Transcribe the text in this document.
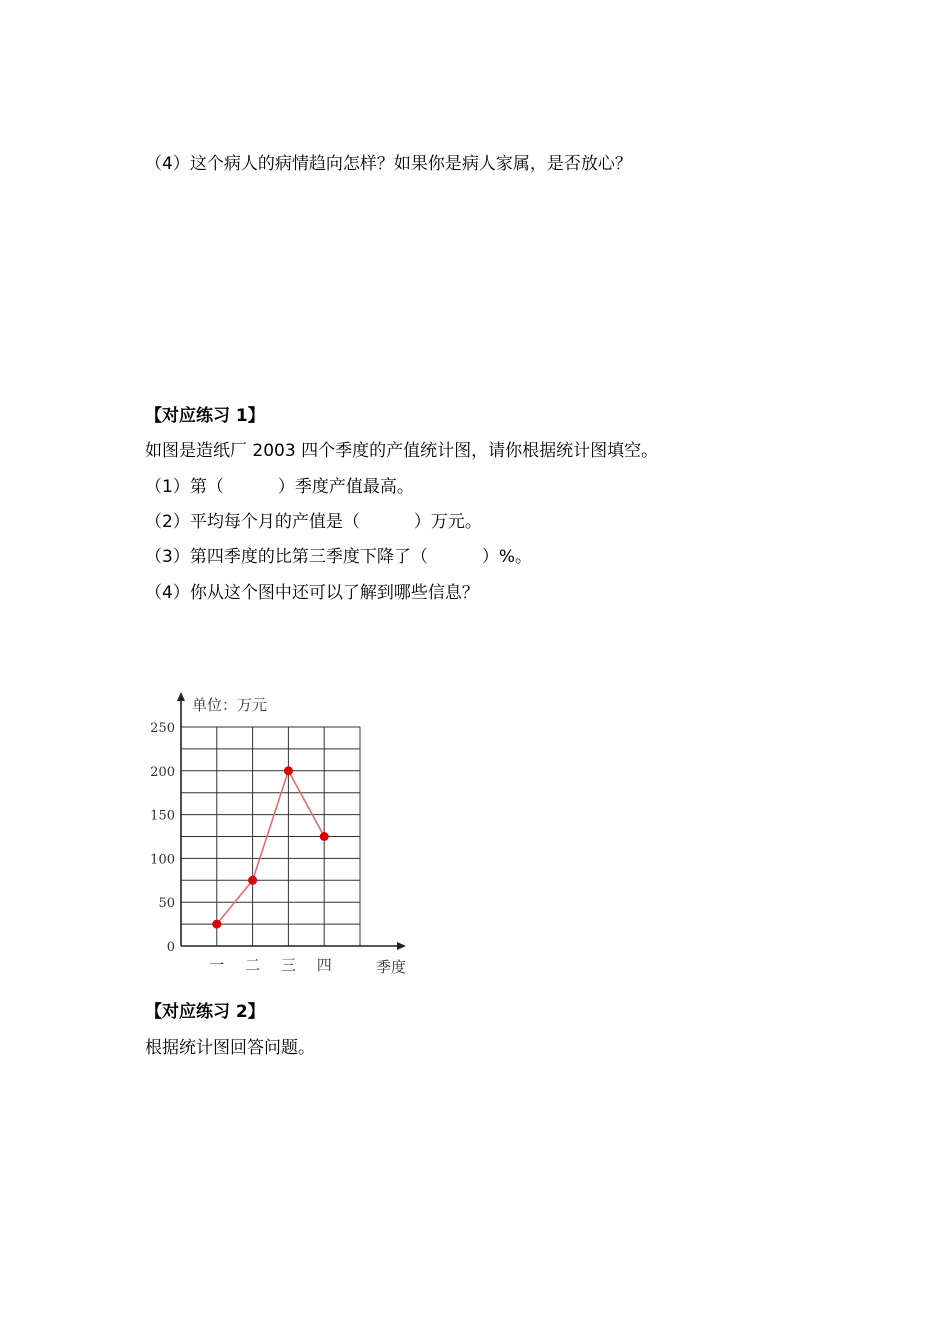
（4）这个病人的病情趋向怎样？如果你是病人家属，是否放心？
【对应练习 1】
如图是造纸厂 2003 四个季度的产值统计图，请你根据统计图填空。
（1）第（          ）季度产值最高。
（2）平均每个月的产值是（          ）万元。
（3）第四季度的比第三季度下降了（          ）%。
（4）你从这个图中还可以了解到哪些信息？
单位：万元
季度
0
50
100
150
200
250
一 二 三 四
【对应练习 2】
根据统计图回答问题。
